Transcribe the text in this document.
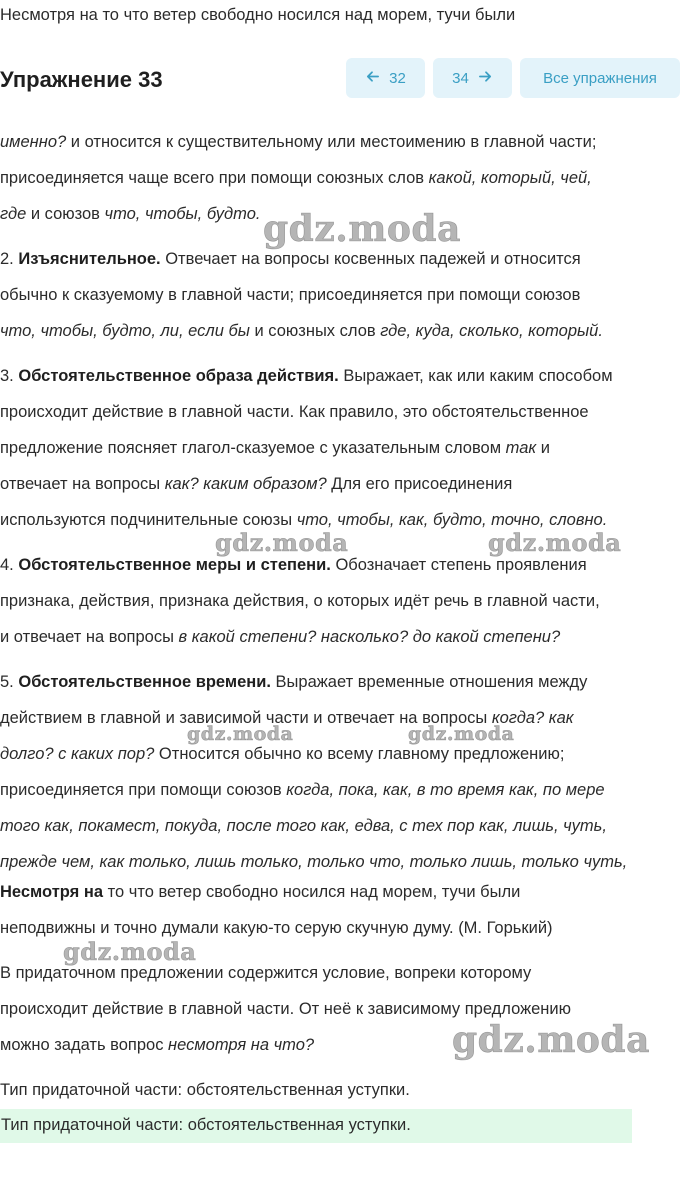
Несмотря на то что ветер свободно носился над морем, тучи были
Упражнение 33	32	34	Все упражнения
именно? и относится к существительному или местоимению в главной части;
присоединяется чаще всего при помощи союзных слов какой, который, чей,
где и союзов что, чтобы, будто.
2. Изъяснительное. Отвечает на вопросы косвенных падежей и относится
обычно к сказуемому в главной части; присоединяется при помощи союзов
что, чтобы, будто, ли, если бы и союзных слов где, куда, сколько, который.
3. Обстоятельственное образа действия. Выражает, как или каким способом
происходит действие в главной части. Как правило, это обстоятельственное
предложение поясняет глагол-сказуемое с указательным словом так и
отвечает на вопросы как? каким образом? Для его присоединения
используются подчинительные союзы что, чтобы, как, будто, точно, словно.
4. Обстоятельственное меры и степени. Обозначает степень проявления
признака, действия, признака действия, о которых идёт речь в главной части,
и отвечает на вопросы в какой степени? насколько? до какой степени?
5. Обстоятельственное времени. Выражает временные отношения между
действием в главной и зависимой части и отвечает на вопросы когда? как
долго? с каких пор? Относится обычно ко всему главному предложению;
присоединяется при помощи союзов когда, пока, как, в то время как, по мере
того как, покамест, покуда, после того как, едва, с тех пор как, лишь, чуть,
прежде чем, как только, лишь только, только что, только лишь, только чуть,
Несмотря на то что ветер свободно носился над морем, тучи были
неподвижны и точно думали какую-то серую скучную думу. (М. Горький)
В придаточном предложении содержится условие, вопреки которому
происходит действие в главной части. От неё к зависимому предложению
можно задать вопрос несмотря на что?
Тип придаточной части: обстоятельственная уступки.
Тип придаточной части: обстоятельственная уступки.
gdz.moda
gdz.moda	gdz.moda
gdz.moda	gdz.moda
gdz.moda
gdz.moda
